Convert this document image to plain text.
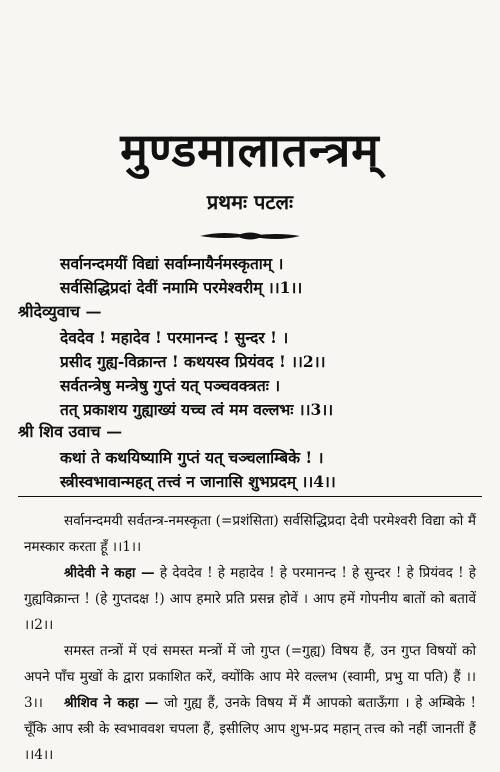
मुण्डमालातन्त्रम्
प्रथमः पटलः
सर्वानन्दमयीं विद्यां सर्वाम्नायैर्नमस्कृताम् ।
सर्वसिद्धिप्रदां देवीं नमामि परमेश्वरीम् ।।1।।
श्रीदेव्युवाच —
देवदेव ! महादेव ! परमानन्द ! सुन्दर ! ।
प्रसीद गुह्य-विक्रान्त ! कथयस्व प्रियंवद ! ।।2।।
सर्वतन्त्रेषु मन्त्रेषु गुप्तं यत् पञ्चवक्त्रतः ।
तत् प्रकाशय गुह्याख्यं यच्च त्वं मम वल्लभः ।।3।।
श्री शिव उवाच —
कथां ते कथयिष्यामि गुप्तं यत् चञ्चलाम्बिके ! ।
स्त्रीस्वभावान्महत् तत्त्वं न जानासि शुभप्रदम् ।।4।।
सर्वानन्दमयी सर्वतन्त्र-नमस्कृता (=प्रशंसिता) सर्वसिद्धिप्रदा देवी परमेश्वरी विद्या को मैं नमस्कार करता हूँ ।।1।।
श्रीदेवी ने कहा — हे देवदेव ! हे महादेव ! हे परमानन्द ! हे सुन्दर ! हे प्रियंवद ! हे गुह्यविक्रान्त ! (हे गुप्तदक्ष !) आप हमारे प्रति प्रसन्न होवें । आप हमें गोपनीय बातों को बतावें ।।2।।
समस्त तन्त्रों में एवं समस्त मन्त्रों में जो गुप्त (=गुह्य) विषय हैं, उन गुप्त विषयों को अपने पाँच मुखों के द्वारा प्रकाशित करें, क्योंकि आप मेरे वल्लभ (स्वामी, प्रभु या पति) हैं ।।3।।	श्रीशिव ने कहा — जो गुह्य हैं, उनके विषय में मैं आपको बताऊँगा । हे अम्बिके ! चूँकि आप स्त्री के स्वभाववश चपला हैं, इसीलिए आप शुभ-प्रद महान् तत्त्व को नहीं जानतीं हैं ।।4।।
